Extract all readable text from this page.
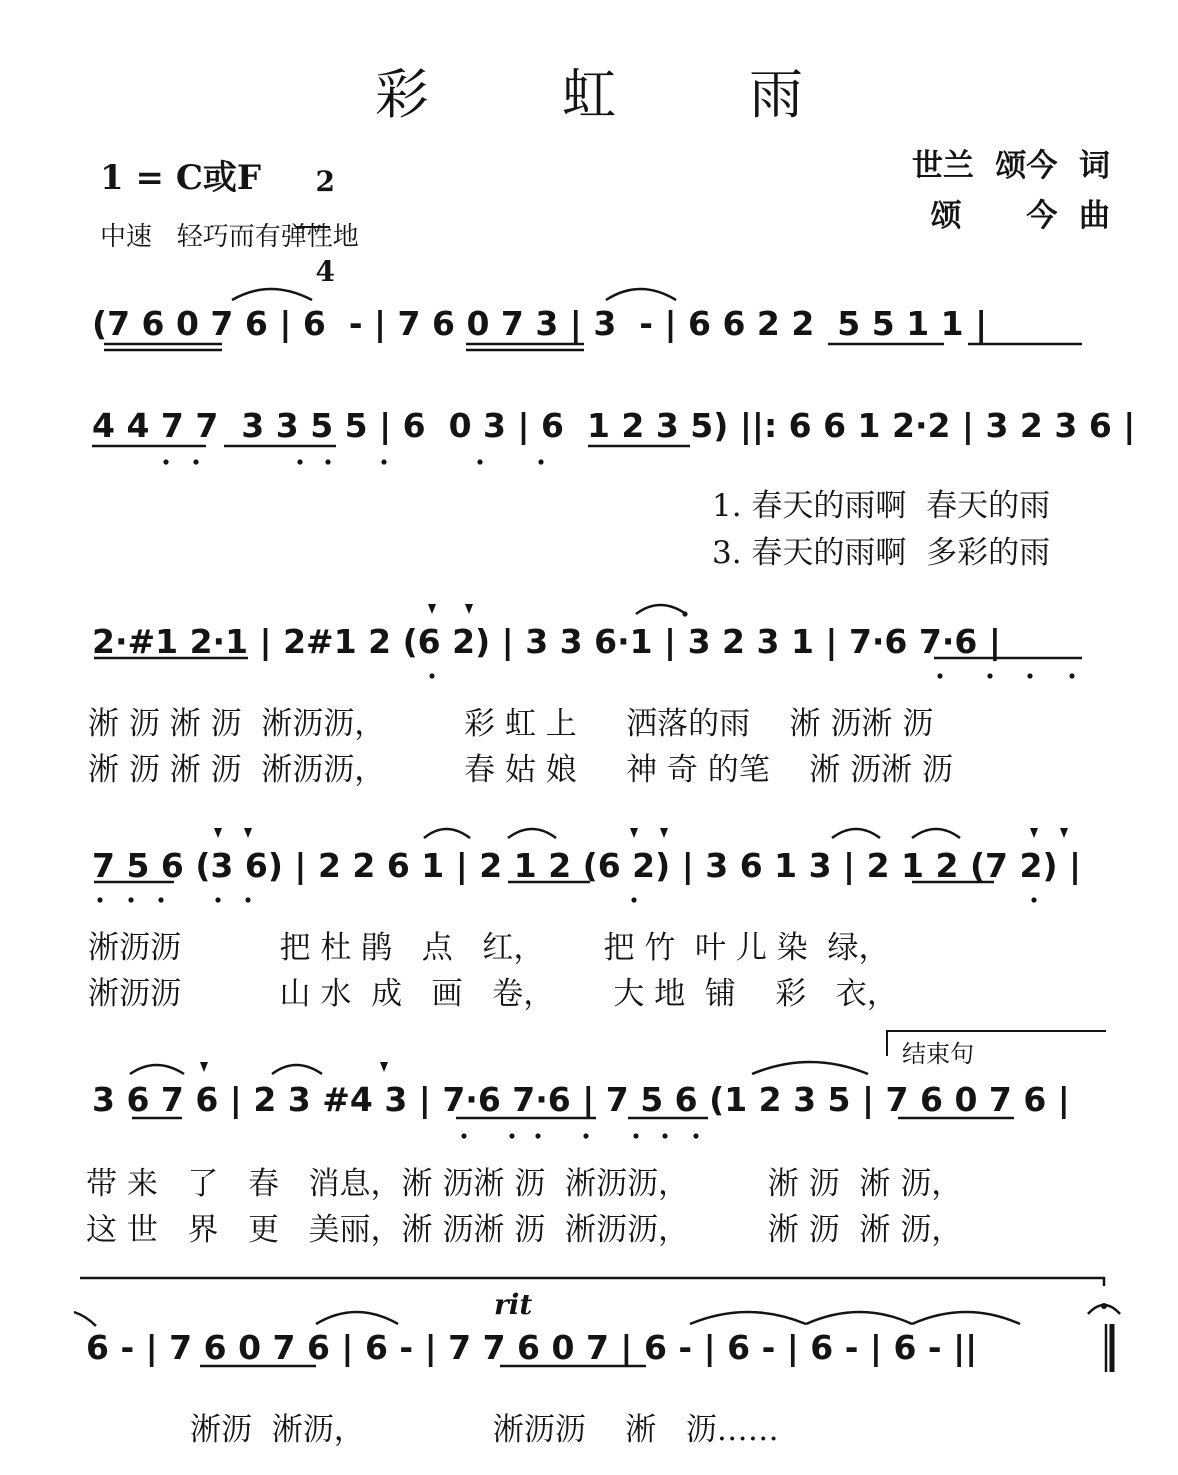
彩 虹 雨
1 = C或F	2

4

中速   轻巧而有弹性地
世兰  颂今  词
颂      今  曲
(7 6 0 7 6 | 6  - | 7 6 0 7 3 | 3  - | 6 6 2 2  5 5 1 1 |
4 4 7 7  3 3 5 5 | 6  0 3 | 6  1 2 3 5) ||: 6 6 1 2·2 | 3 2 3 6 |
1. 春天的雨啊  春天的雨
3. 春天的雨啊  多彩的雨
2·#1 2·1 | 2#1 2 (6 2) | 3 3 6·1 | 3 2 3 1 | 7·6 7·6 |
淅 沥 淅 沥  淅沥沥，        彩 虹 上     洒落的雨    淅 沥淅 沥
淅 沥 淅 沥  淅沥沥，        春 姑 娘     神 奇 的笔    淅 沥淅 沥
7 5 6 (3 6) | 2 2 6 1 | 2 1 2 (6 2) | 3 6 1 3 | 2 1 2 (7 2) |
淅沥沥          把 杜 鹃   点   红，      把 竹  叶 儿 染  绿，
淅沥沥          山 水  成   画   卷，      大 地  铺    彩   衣，

结束句

3 6 7 6 | 2 3 #4 3 | 7·6 7·6 | 7 5 6 (1 2 3 5 | 7 6 0 7 6 |
带 来   了   春   消息，淅 沥淅 沥  淅沥沥，        淅 沥  淅 沥，
这 世   界   更   美丽，淅 沥淅 沥  淅沥沥，        淅 沥  淅 沥，
rit
6 - | 7 6 0 7 6 | 6 - | 7 7 6 0 7 | 6 - | 6 - | 6 - | 6 - ||
淅沥  淅沥，             淅沥沥    淅   沥……
